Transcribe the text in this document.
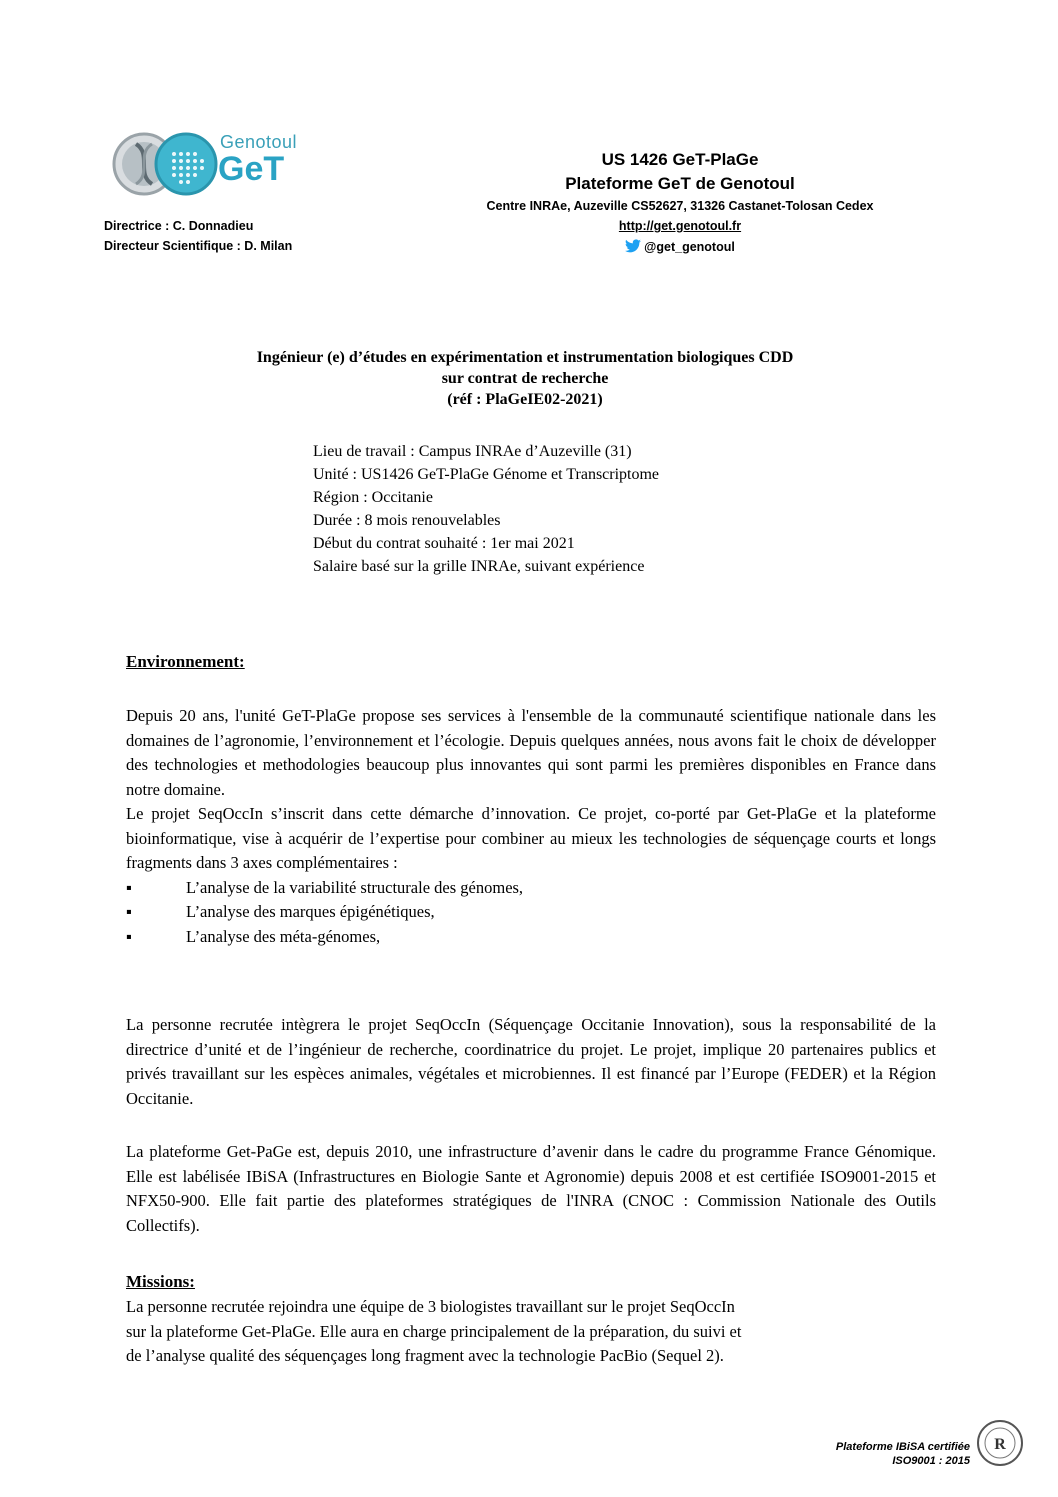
Genotoul
GeT
Directrice : C. Donnadieu
Directeur Scientifique : D. Milan
US 1426 GeT-PlaGe
Plateforme GeT de Genotoul
Centre INRAe, Auzeville CS52627, 31326 Castanet-Tolosan Cedex
http://get.genotoul.fr
@get_genotoul
Ingénieur (e) d’études en expérimentation et instrumentation biologiques CDD
sur contrat de recherche
(réf : PlaGeIE02-2021)
Lieu de travail : Campus INRAe d’Auzeville (31)
Unité : US1426 GeT-PlaGe Génome et Transcriptome
Région : Occitanie
Durée : 8 mois renouvelables
Début du contrat souhaité : 1er mai 2021
Salaire basé sur la grille INRAe, suivant expérience
Environnement:

Depuis 20 ans, l'unité GeT-PlaGe propose ses services à l'ensemble de la communauté scientifique nationale dans les domaines de l’agronomie, l’environnement et l’écologie. Depuis quelques années, nous avons fait le choix de développer des technologies et methodologies beaucoup plus innovantes qui sont parmi les premières disponibles en France dans notre domaine.

Le projet SeqOccIn s’inscrit dans cette démarche d’innovation. Ce projet, co-porté par Get-PlaGe et la plateforme bioinformatique, vise à acquérir de l’expertise pour combiner au mieux les technologies de séquençage courts et longs fragments dans 3 axes complémentaires :

▪	L’analyse de la variabilité structurale des génomes,
▪	L’analyse des marques épigénétiques,
▪	L’analyse des méta-génomes,
La personne recrutée intègrera le projet SeqOccIn (Séquençage Occitanie Innovation), sous la responsabilité de la directrice d’unité et de l’ingénieur de recherche, coordinatrice du projet. Le projet, implique 20 partenaires publics et privés travaillant sur les espèces animales, végétales et microbiennes. Il est financé par l’Europe (FEDER) et la Région Occitanie.
La plateforme Get-PaGe est, depuis 2010, une infrastructure d’avenir dans le cadre du programme France Génomique. Elle est labélisée IBiSA (Infrastructures en Biologie Sante et Agronomie) depuis 2008 et est certifiée ISO9001-2015 et NFX50-900. Elle fait partie des plateformes stratégiques de l'INRA (CNOC : Commission Nationale des Outils Collectifs).
Missions:
La personne recrutée rejoindra une équipe de 3 biologistes travaillant sur le projet SeqOccIn
sur la plateforme Get-PlaGe. Elle aura en charge principalement de la préparation, du suivi et
de l’analyse qualité des séquençages long fragment avec la technologie PacBio (Sequel 2).
Plateforme IBiSA certifiée
ISO9001 : 2015
R
